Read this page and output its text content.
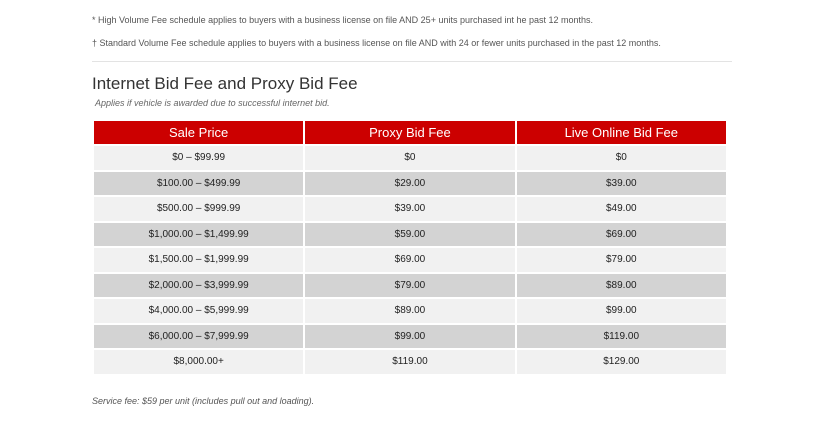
* High Volume Fee schedule applies to buyers with a business license on file AND 25+ units purchased int he past 12 months.
† Standard Volume Fee schedule applies to buyers with a business license on file AND with 24 or fewer units purchased in the past 12 months.
Internet Bid Fee and Proxy Bid Fee
Applies if vehicle is awarded due to successful internet bid.
Sale Price	Proxy Bid Fee	Live Online Bid Fee
$0 – $99.99	$0	$0
$100.00 – $499.99	$29.00	$39.00
$500.00 – $999.99	$39.00	$49.00
$1,000.00 – $1,499.99	$59.00	$69.00
$1,500.00 – $1,999.99	$69.00	$79.00
$2,000.00 – $3,999.99	$79.00	$89.00
$4,000.00 – $5,999.99	$89.00	$99.00
$6,000.00 – $7,999.99	$99.00	$119.00
$8,000.00+	$119.00	$129.00
Service fee: $59 per unit (includes pull out and loading).
